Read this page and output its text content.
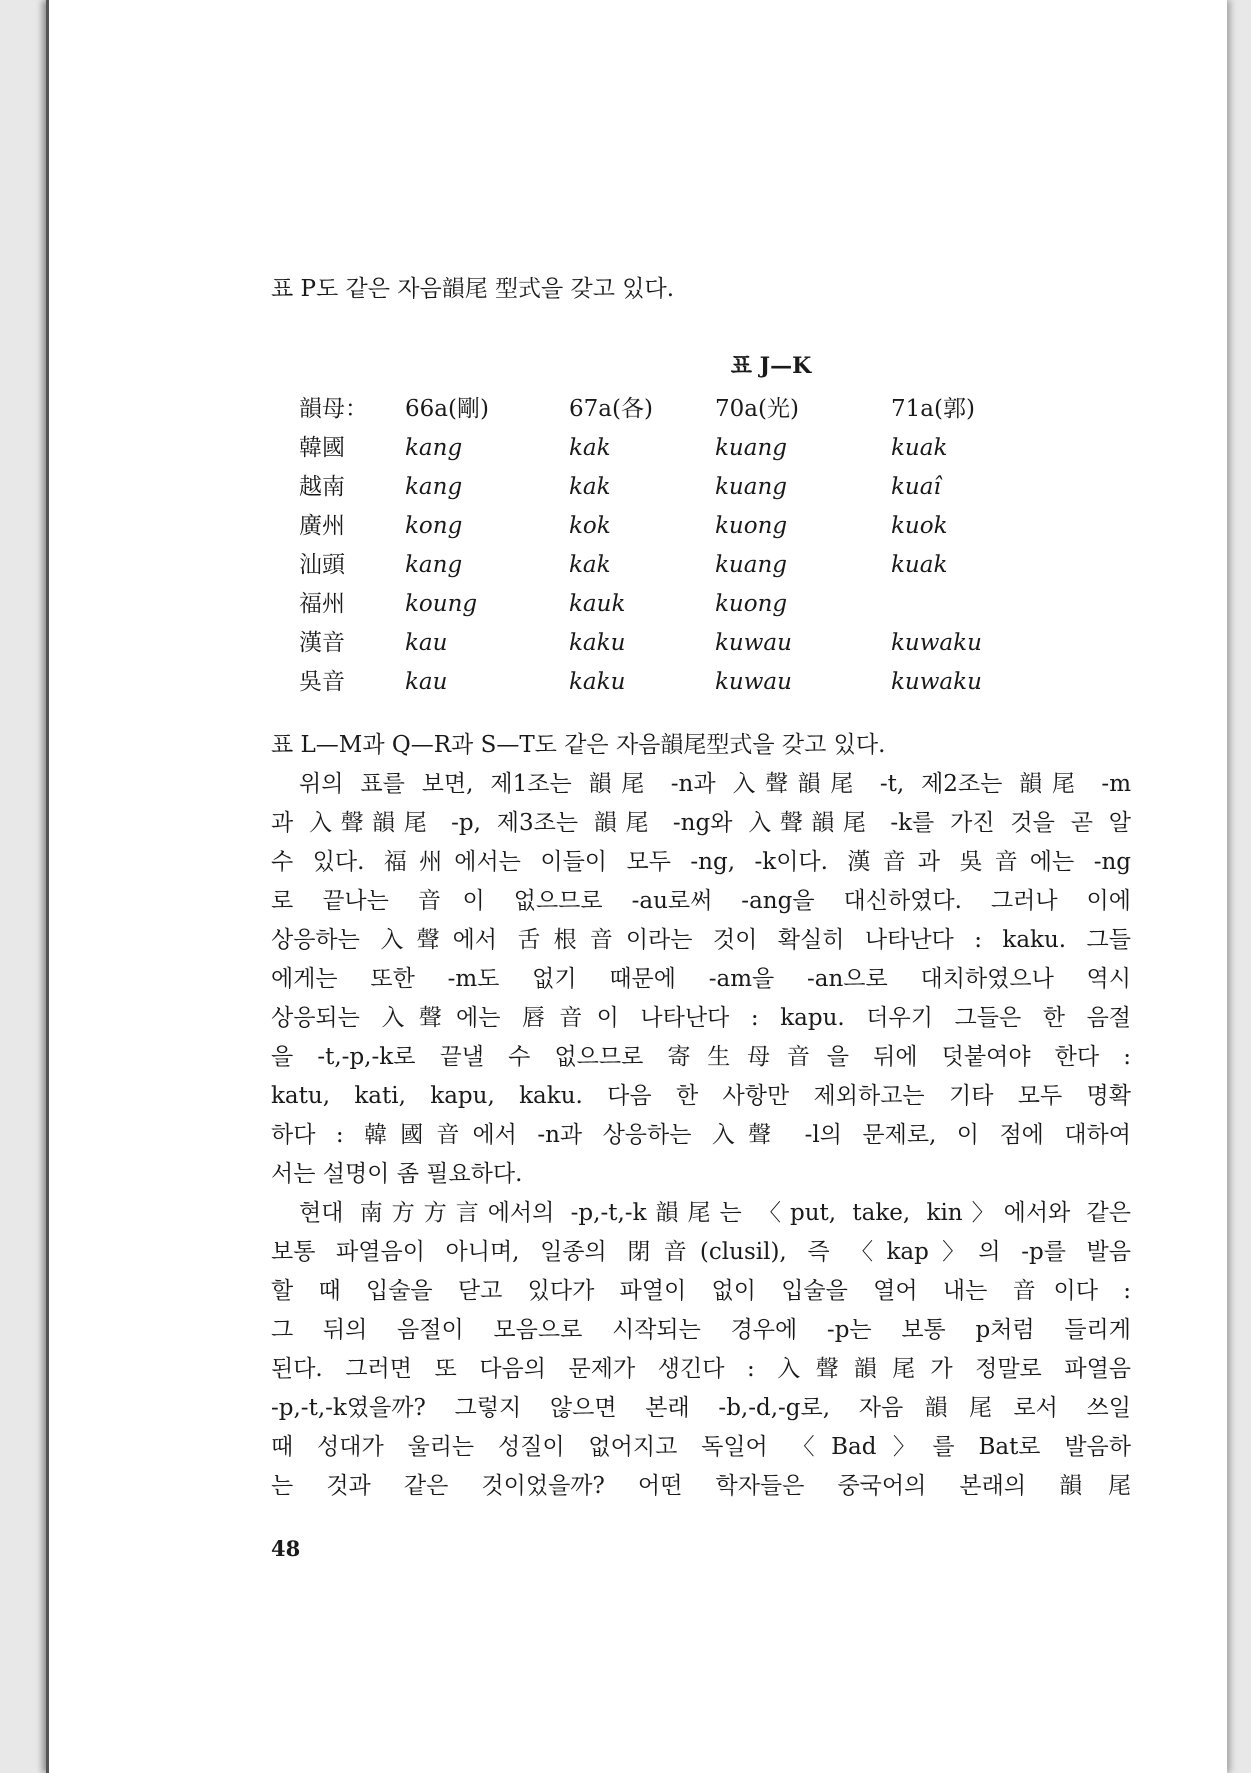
표 P도 같은 자음韻尾 型式을 갖고 있다.
표 J—K
韻母：	66a(剛)	67a(各)	70a(光)	71a(郭)
韓國	kang	kak	kuang	kuak
越南	kang	kak	kuang	kuaî
廣州	kong	kok	kuong	kuok
汕頭	kang	kak	kuang	kuak
福州	koung	kauk	kuong	
漢音	kau	kaku	kuwau	kuwaku
吳音	kau	kaku	kuwau	kuwaku
표 L—M과 Q—R과 S—T도 같은 자음韻尾型式을 갖고 있다.
위의 표를 보면, 제1조는 韻尾 -n과 入聲韻尾 -t, 제2조는 韻尾 -m
과 入聲韻尾 -p, 제3조는 韻尾 -ng와 入聲韻尾 -k를 가진 것을 곧 알
수 있다. 福州에서는 이들이 모두 -ng, -k이다. 漢音과 吳音에는 -ng
로 끝나는 音이 없으므로 -au로써 -ang을 대신하였다. 그러나 이에
상응하는 入聲에서 舌根音이라는 것이 확실히 나타난다 : kaku. 그들
에게는 또한 -m도 없기 때문에 -am을 -an으로 대치하였으나 역시
상응되는 入聲에는 唇音이 나타난다 : kapu. 더우기 그들은 한 음절
을 -t,-p,-k로 끝낼 수 없으므로 寄生母音을 뒤에 덧붙여야 한다 :
katu, kati, kapu, kaku. 다음 한 사항만 제외하고는 기타 모두 명확
하다 : 韓國音에서 -n과 상응하는 入聲 -l의 문제로, 이 점에 대하여
서는 설명이 좀 필요하다.
현대 南方方言에서의 -p,-t,-k韻尾는 〈put, take, kin〉에서와 같은
보통 파열음이 아니며, 일종의 閉音(clusil), 즉 〈kap〉의 -p를 발음
할 때 입술을 닫고 있다가 파열이 없이 입술을 열어 내는 音이다 :
그 뒤의 음절이 모음으로 시작되는 경우에 -p는 보통 p처럼 들리게
된다. 그러면 또 다음의 문제가 생긴다 : 入聲韻尾가 정말로 파열음
-p,-t,-k였을까? 그렇지 않으면 본래 -b,-d,-g로, 자음韻尾로서 쓰일
때 성대가 울리는 성질이 없어지고 독일어 〈Bad〉를 Bat로 발음하
는 것과 같은 것이었을까? 어떤 학자들은 중국어의 본래의 韻尾
48
